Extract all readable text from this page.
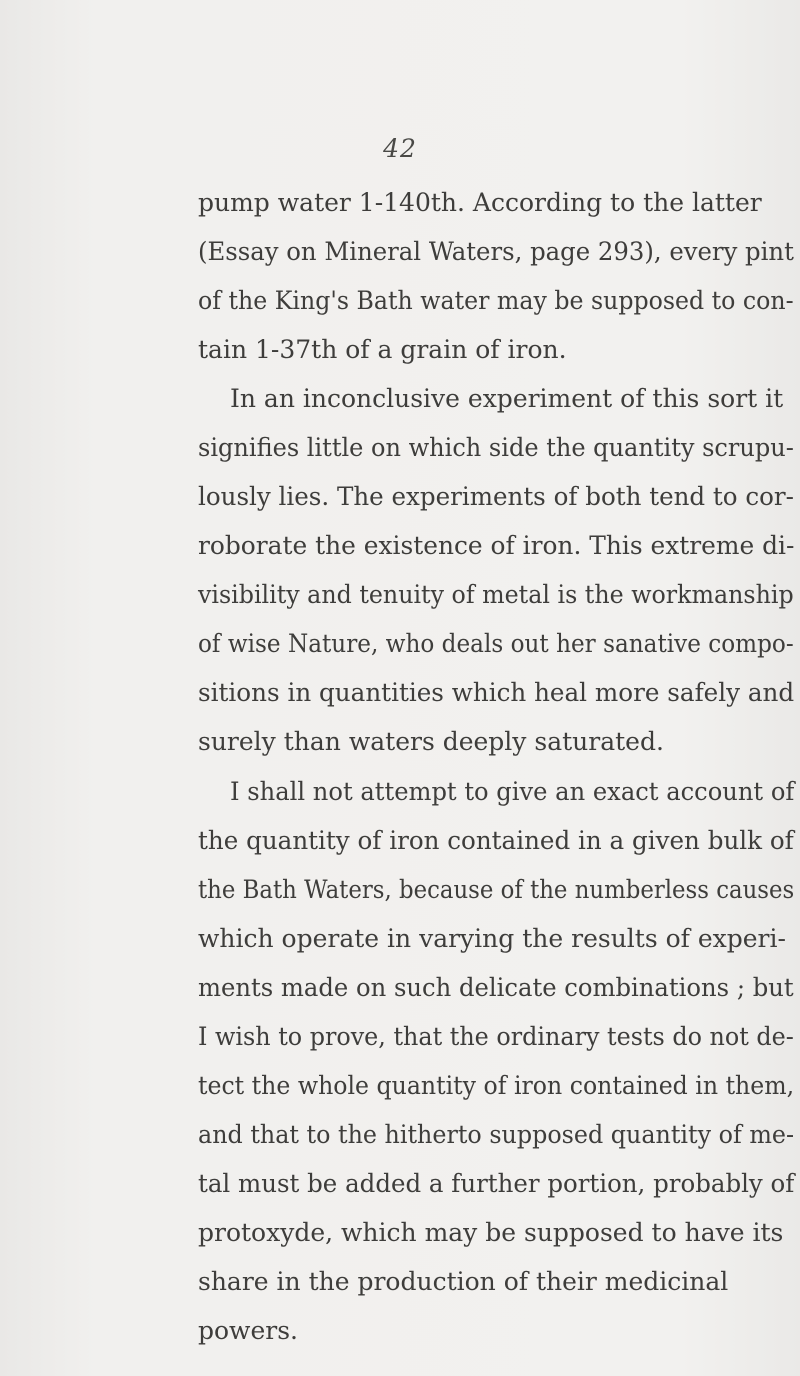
42
pump water 1-140th. According to the latter
(Essay on Mineral Waters, page 293), every pint
of the King's Bath water may be supposed to con-
tain 1-37th of a grain of iron.
In an inconclusive experiment of this sort it
signifies little on which side the quantity scrupu-
lously lies. The experiments of both tend to cor-
roborate the existence of iron. This extreme di-
visibility and tenuity of metal is the workmanship
of wise Nature, who deals out her sanative compo-
sitions in quantities which heal more safely and
surely than waters deeply saturated.
I shall not attempt to give an exact account of
the quantity of iron contained in a given bulk of
the Bath Waters, because of the numberless causes
which operate in varying the results of experi-
ments made on such delicate combinations ; but
I wish to prove, that the ordinary tests do not de-
tect the whole quantity of iron contained in them,
and that to the hitherto supposed quantity of me-
tal must be added a further portion, probably of
protoxyde, which may be supposed to have its
share in the production of their medicinal
powers.
